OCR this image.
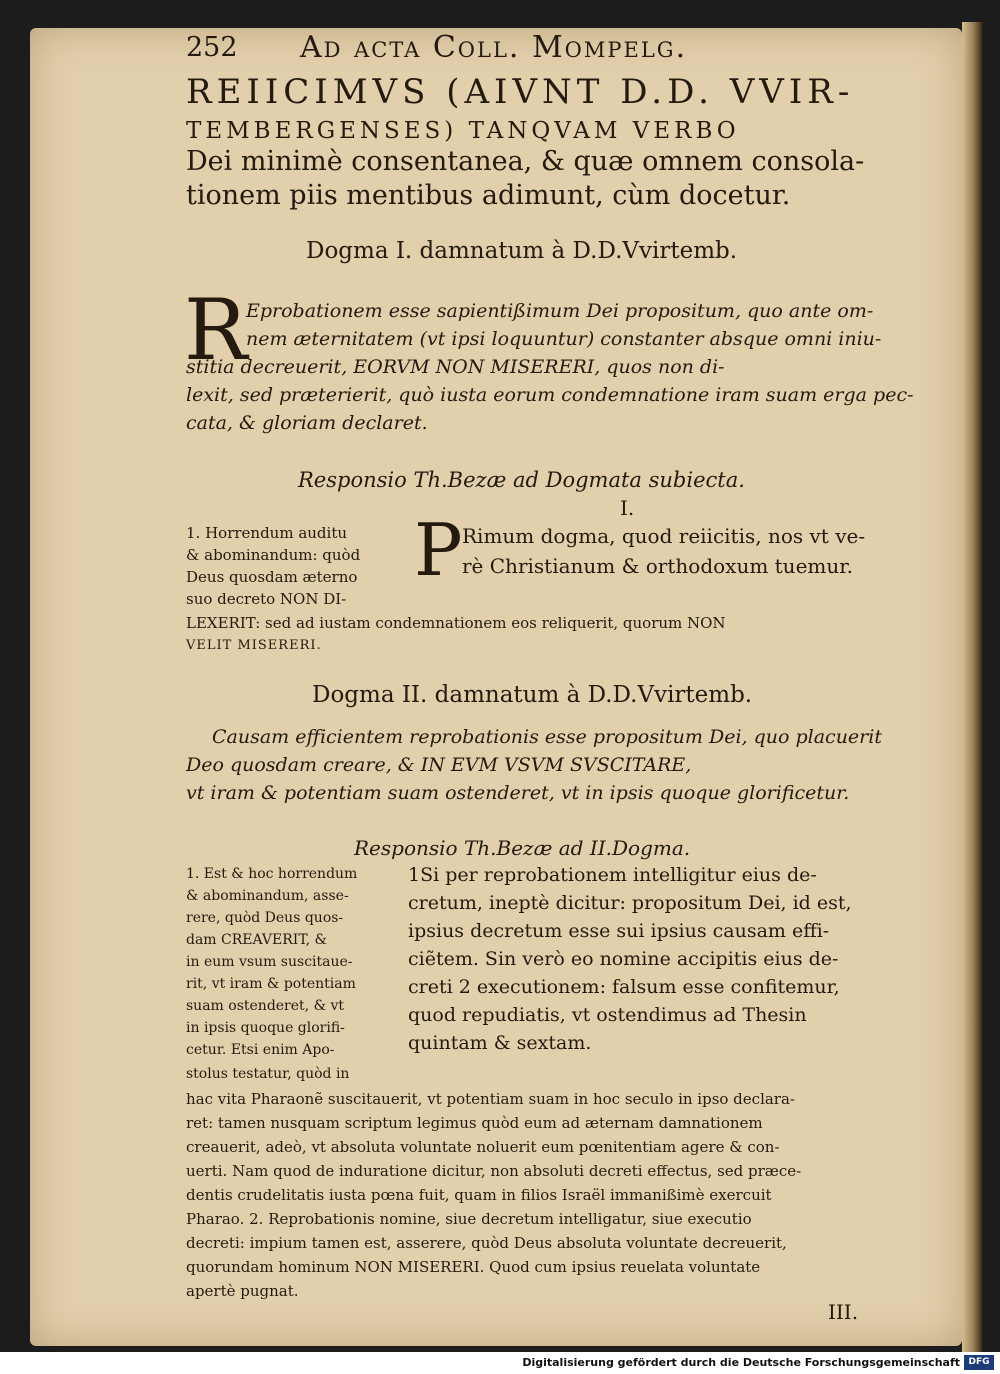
252 Ad acta Coll. Mompelg.

REIICIMVS (AIVNT D.D. VVIR-

TEMBERGENSES) TANQVAM VERBO

Dei minimè consentanea, & quæ omnem consola-

tionem piis mentibus adimunt, cùm docetur.

Dogma I. damnatum à D.D.Vvirtemb.

R

Eprobationem esse sapientißimum Dei propositum, quo ante om-

nem æternitatem (vt ipsi loquuntur) constanter absque omni iniu-

stitia decreuerit, EORVM NON MISERERI, quos non di-

lexit, sed præterierit, quò iusta eorum condemnatione iram suam erga pec-

cata, & gloriam declaret.

Responsio Th.Bezæ ad Dogmata subiecta.

I.

P Rimum dogma, quod reiicitis, nos vt ve-

rè Christianum & orthodoxum tuemur.

1. Horrendum auditu

& abominandum: quòd

Deus quosdam æterno

suo decreto NON DI-

LEXERIT: sed ad iustam condemnationem eos reliquerit, quorum NON

VELIT MISERERI.

Dogma II. damnatum à D.D.Vvirtemb.

Causam efficientem reprobationis esse propositum Dei, quo placuerit

Deo quosdam creare, & IN EVM VSVM SVSCITARE,

vt iram & potentiam suam ostenderet, vt in ipsis quoque glorificetur.

Responsio Th.Bezæ ad II.Dogma.

1. Est & hoc horrendum

& abominandum, asse-

rere, quòd Deus quos-

dam CREAVERIT, &

in eum vsum suscitaue-

rit, vt iram & potentiam

suam ostenderet, & vt

in ipsis quoque glorifi-

cetur. Etsi enim Apo-

stolus testatur, quòd in

1Si per reprobationem intelligitur eius de-

cretum, ineptè dicitur: propositum Dei, id est,

ipsius decretum esse sui ipsius causam effi-

ciẽtem. Sin verò eo nomine accipitis eius de-

creti 2 executionem: falsum esse confitemur,

quod repudiatis, vt ostendimus ad Thesin

quintam & sextam.

hac vita Pharaonẽ suscitauerit, vt potentiam suam in hoc seculo in ipso declara-

ret: tamen nusquam scriptum legimus quòd eum ad æternam damnationem

creauerit, adeò, vt absoluta voluntate noluerit eum pœnitentiam agere & con-

uerti. Nam quod de induratione dicitur, non absoluti decreti effectus, sed præce-

dentis crudelitatis iusta pœna fuit, quam in filios Israël immanißimè exercuit

Pharao. 2. Reprobationis nomine, siue decretum intelligatur, siue executio

decreti: impium tamen est, asserere, quòd Deus absoluta voluntate decreuerit,

quorundam hominum NON MISERERI. Quod cum ipsius reuelata voluntate

apertè pugnat.

III.

Digitalisierung gefördert durch die Deutsche Forschungsgemeinschaft DFG
